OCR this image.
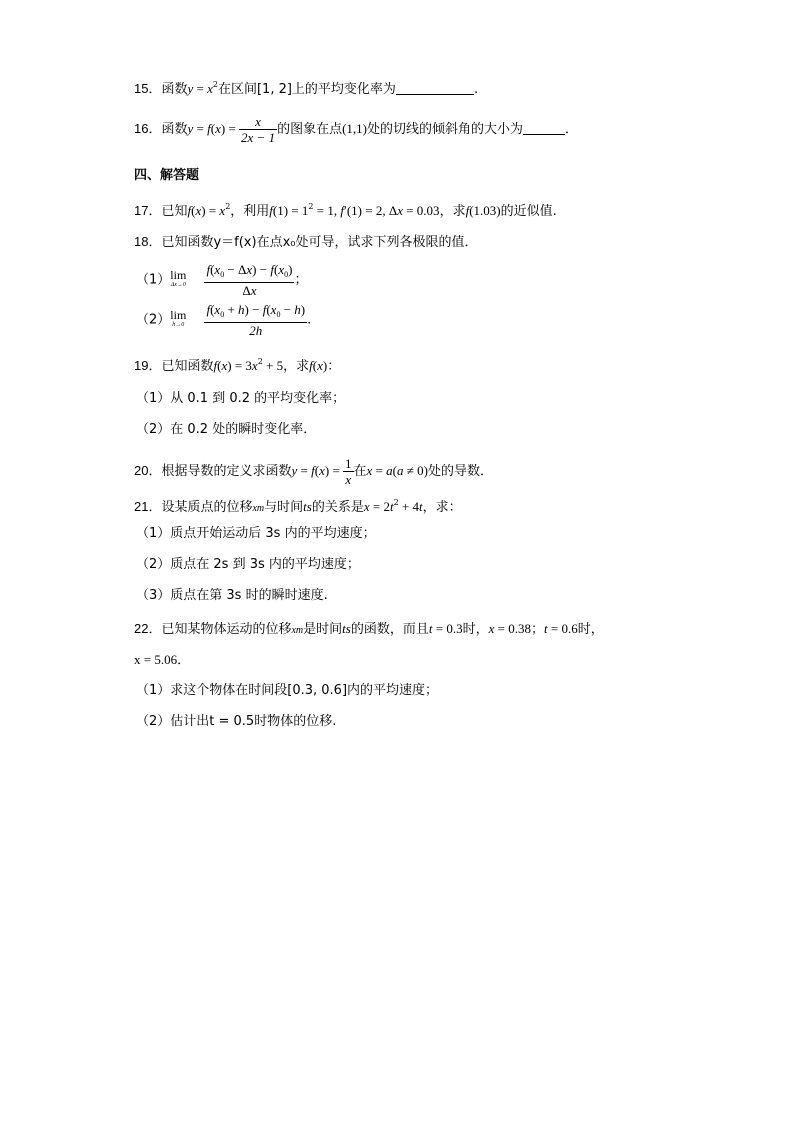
15．函数$y = x^2$在区间[1, 2]上的平均变化率为	.
16．函数$y = f(x) = \frac{x}{2x - 1}$ 的图象在点(1,1)处的切线的倾斜角的大小为	．
四、解答题
17．已知$f(x) = x^2$，利用$f(1) = 1^2 = 1$, f′(1) = 2, Δx = 0.03，求f(1.03)的近似值.
18．已知函数y＝f(x)在点x₀处可导，试求下列各极限的值．
（1） lim
Δx→0
$\frac{f(x_0 - \Delta x) - f(x_0)}{\Delta x}$ ；
（2） lim
h→0
$\frac{f(x_0 + h) - f(x_0 - h)}{2h}$ .
19．已知函数$f(x) = 3x^2 + 5$，求f(x)：
（1）从 0.1 到 0.2 的平均变化率；
（2）在 0.2 处的瞬时变化率．
20．根据导数的定义求函数$y = f(x) = \frac{1}{x}$ 在x = a(a ≠ 0)处的导数．
21．设某质点的位移xm与时间ts的关系是$x = 2t^2 + 4t$，求：
（1）质点开始运动后 3s 内的平均速度；
（2）质点在 2s 到 3s 内的平均速度；
（3）质点在第 3s 时的瞬时速度.
22．已知某物体运动的位移xm是时间ts的函数，而且t = 0.3时，x = 0.38；t = 0.6时，
x = 5.06．
（1）求这个物体在时间段[0.3, 0.6]内的平均速度；
（2）估计出t = 0.5时物体的位移.
